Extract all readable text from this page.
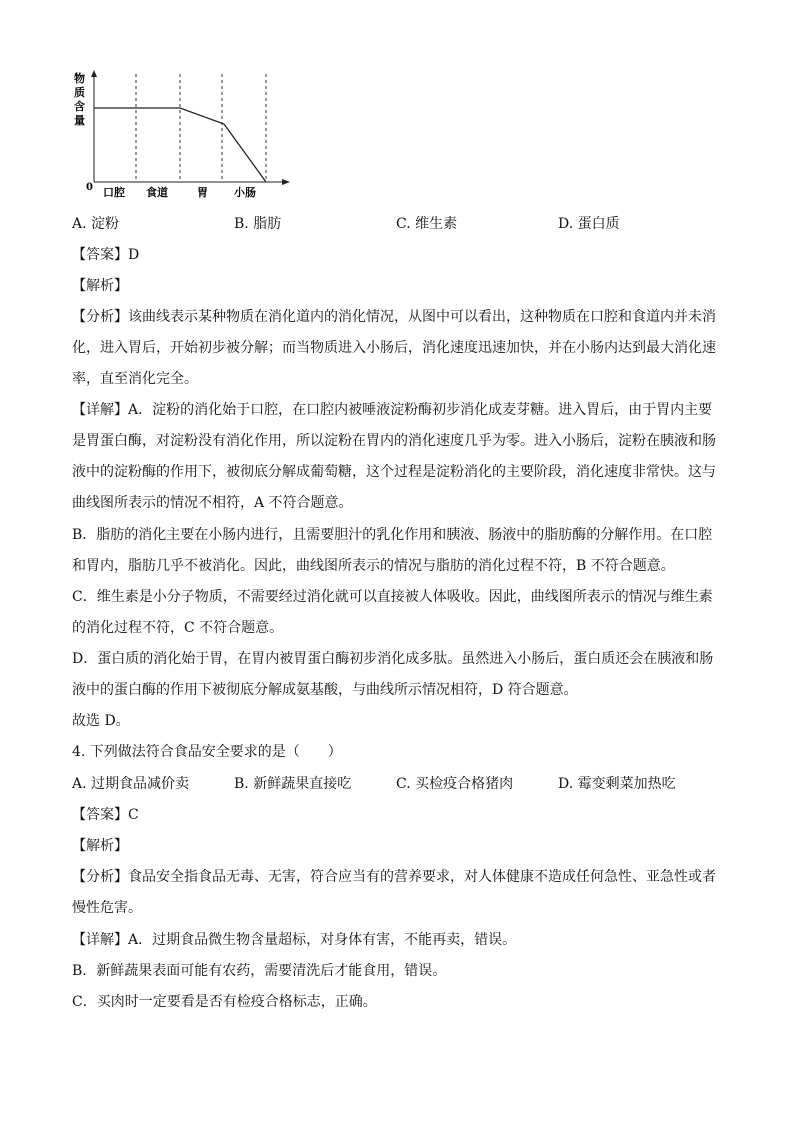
物
质
含
量
0 口腔 食道	胃 小肠
A. 淀粉	B. 脂肪	C. 维生素	D. 蛋白质
【答案】D
【解析】
【分析】该曲线表示某种物质在消化道内的消化情况，从图中可以看出，这种物质在口腔和食道内并未消
化，进入胃后，开始初步被分解；而当物质进入小肠后，消化速度迅速加快，并在小肠内达到最大消化速
率，直至消化完全。
【详解】A．淀粉的消化始于口腔，在口腔内被唾液淀粉酶初步消化成麦芽糖。进入胃后，由于胃内主要
是胃蛋白酶，对淀粉没有消化作用，所以淀粉在胃内的消化速度几乎为零。进入小肠后，淀粉在胰液和肠
液中的淀粉酶的作用下，被彻底分解成葡萄糖，这个过程是淀粉消化的主要阶段，消化速度非常快。这与
曲线图所表示的情况不相符，A 不符合题意。
B．脂肪的消化主要在小肠内进行，且需要胆汁的乳化作用和胰液、肠液中的脂肪酶的分解作用。在口腔
和胃内，脂肪几乎不被消化。因此，曲线图所表示的情况与脂肪的消化过程不符，B 不符合题意。
C．维生素是小分子物质，不需要经过消化就可以直接被人体吸收。因此，曲线图所表示的情况与维生素
的消化过程不符，C 不符合题意。
D．蛋白质的消化始于胃，在胃内被胃蛋白酶初步消化成多肽。虽然进入小肠后，蛋白质还会在胰液和肠
液中的蛋白酶的作用下被彻底分解成氨基酸，与曲线所示情况相符，D 符合题意。
故选 D。
4. 下列做法符合食品安全要求的是（　　）
A. 过期食品减价卖	B. 新鲜蔬果直接吃	C. 买检疫合格猪肉	D. 霉变剩菜加热吃
【答案】C
【解析】
【分析】食品安全指食品无毒、无害，符合应当有的营养要求，对人体健康不造成任何急性、亚急性或者
慢性危害。
【详解】A．过期食品微生物含量超标，对身体有害，不能再卖，错误。
B．新鲜蔬果表面可能有农药，需要清洗后才能食用，错误。
C．买肉时一定要看是否有检疫合格标志，正确。
